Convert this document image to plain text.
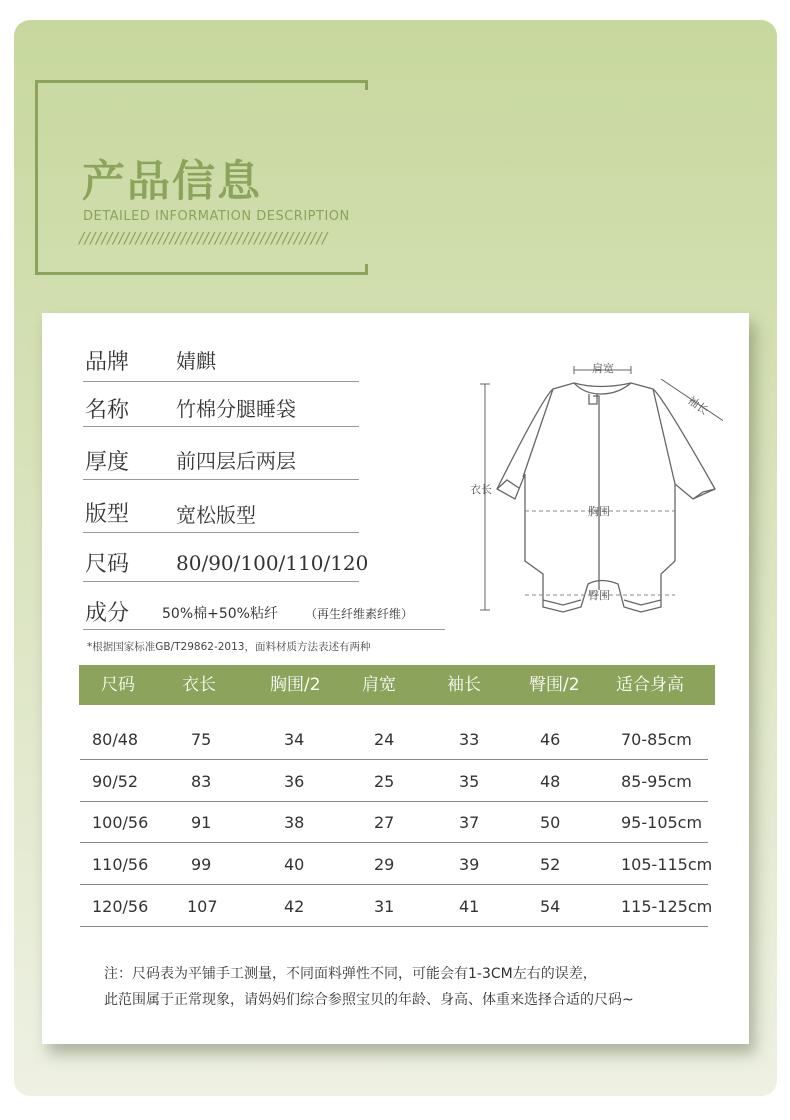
产品信息
DETAILED INFORMATION DESCRIPTION
////////////////////////////////////////////
品牌 婧麒
名称 竹棉分腿睡袋
厚度 前四层后两层
版型 宽松版型
尺码 80/90/100/110/120
成分 50%棉+50%粘纤 （再生纤维素纤维）
*根据国家标准GB/T29862-2013，面料材质方法表述有两种
肩宽
袖长
衣长
胸围
臀围
尺码	衣长	胸围/2 肩宽	袖长	臀围/2 适合身高
80/48	75	34	24	33	46	70-85cm
90/52	83	36	25	35	48	85-95cm
100/56	91	38	27	37	50	95-105cm
110/56	99	40	29	39	52	105-115cm
120/56 107	42	31	41	54	115-125cm
注：尺码表为平铺手工测量，不同面料弹性不同，可能会有1-3CM左右的误差，
此范围属于正常现象，请妈妈们综合参照宝贝的年龄、身高、体重来选择合适的尺码~
